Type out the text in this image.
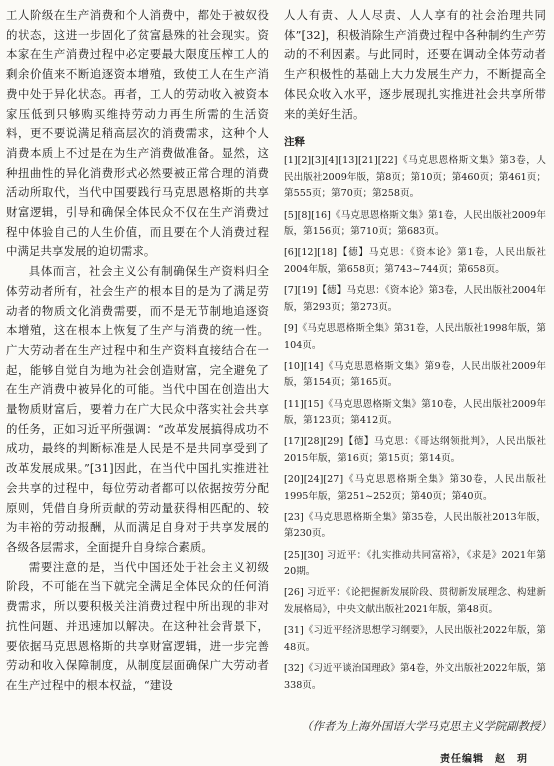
工人阶级在生产消费和个人消费中，都处于被奴役的状态，这进一步固化了贫富悬殊的社会现实。资本家在生产消费过程中必定要最大限度压榨工人的剩余价值来不断追逐资本增殖，致使工人在生产消费中处于异化状态。再者，工人的劳动收入被资本家压低到只够购买维持劳动力再生所需的生活资料，更不要说满足稍高层次的消费需求，这种个人消费本质上不过是在为生产消费做准备。显然，这种扭曲性的异化消费形式必然要被正常合理的消费活动所取代，当代中国要践行马克思恩格斯的共享财富逻辑，引导和确保全体民众不仅在生产消费过程中体验自己的人生价值，而且要在个人消费过程中满足共享发展的迫切需求。

具体而言，社会主义公有制确保生产资料归全体劳动者所有，社会生产的根本目的是为了满足劳动者的物质文化消费需要，而不是无节制地追逐资本增殖，这在根本上恢复了生产与消费的统一性。广大劳动者在生产过程中和生产资料直接结合在一起，能够自觉自为地为社会创造财富，完全避免了在生产消费中被异化的可能。当代中国在创造出大量物质财富后，要着力在广大民众中落实社会共享的任务，正如习近平所强调：“改革发展搞得成功不成功，最终的判断标准是人民是不是共同享受到了改革发展成果。”[31]因此，在当代中国扎实推进社会共享的过程中，每位劳动者都可以依据按劳分配原则，凭借自身所贡献的劳动量获得相匹配的、较为丰裕的劳动报酬，从而满足自身对于共享发展的各级各层需求，全面提升自身综合素质。

需要注意的是，当代中国还处于社会主义初级阶段，不可能在当下就完全满足全体民众的任何消费需求，所以要积极关注消费过程中所出现的非对抗性问题、并迅速加以解决。在这种社会背景下，要依据马克思恩格斯的共享财富逻辑，进一步完善劳动和收入保障制度，从制度层面确保广大劳动者在生产过程中的根本权益，“建设

人人有责、人人尽责、人人享有的社会治理共同体”[32]，积极消除生产消费过程中各种制约生产劳动的不利因素。与此同时，还要在调动全体劳动者生产积极性的基础上大力发展生产力，不断提高全体民众收入水平，逐步展现扎实推进社会共享所带来的美好生活。

注释
[1][2][3][4][13][21][22]《马克思恩格斯文集》第3卷，人民出版社2009年版，第8页；第10页；第460页；第461页；第555页；第70页；第258页。
[5][8][16]《马克思恩格斯文集》第1卷，人民出版社2009年版，第156页；第710页；第683页。
[6][12][18]【德】马克思：《资本论》第1卷，人民出版社2004年版，第658页；第743~744页；第658页。
[7][19]【德】马克思：《资本论》第3卷，人民出版社2004年版，第293页；第273页。
[9]《马克思恩格斯全集》第31卷，人民出版社1998年版，第104页。
[10][14]《马克思恩格斯文集》第9卷，人民出版社2009年版，第154页；第165页。
[11][15]《马克思恩格斯文集》第10卷，人民出版社2009年版，第123页；第412页。
[17][28][29]【德】马克思：《哥达纲领批判》，人民出版社2015年版，第16页；第15页；第14页。
[20][24][27]《马克思恩格斯全集》第30卷，人民出版社1995年版，第251~252页；第40页；第40页。
[23]《马克思恩格斯全集》第35卷，人民出版社2013年版，第230页。
[25][30] 习近平：《扎实推动共同富裕》，《求是》2021年第20期。
[26] 习近平：《论把握新发展阶段、贯彻新发展理念、构建新发展格局》，中央文献出版社2021年版，第48页。
[31]《习近平经济思想学习纲要》，人民出版社2022年版，第48页。
[32]《习近平谈治国理政》第4卷，外文出版社2022年版，第338页。

（作者为上海外国语大学马克思主义学院副教授）

责任编辑　赵　玥
